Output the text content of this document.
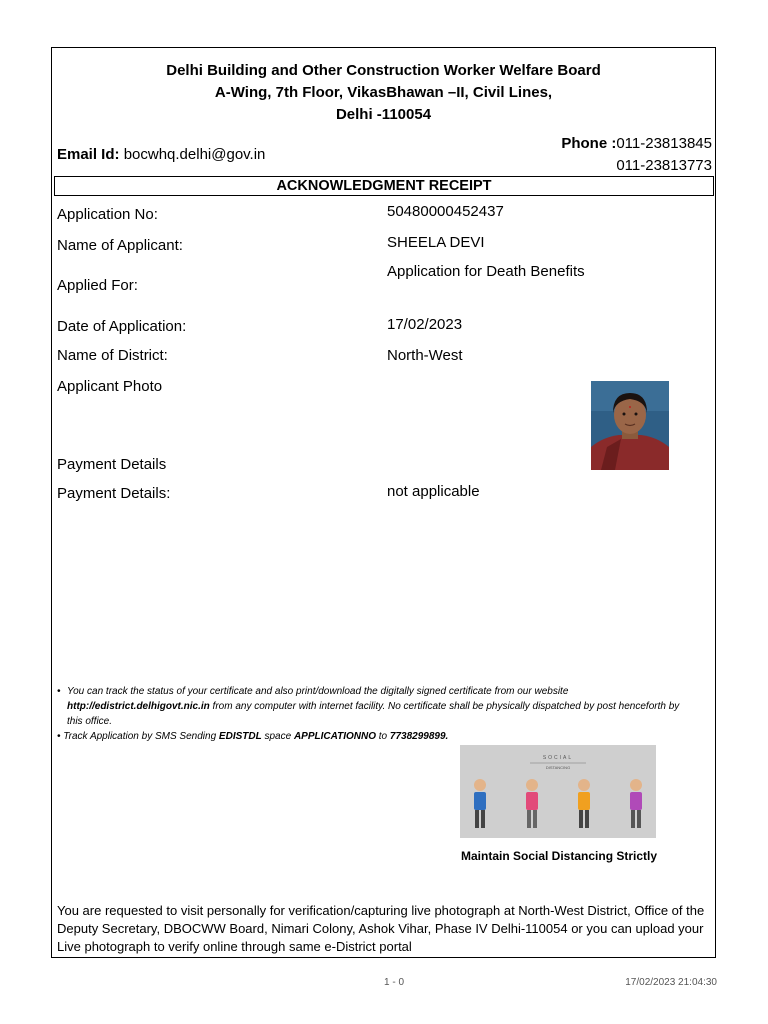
Delhi Building and Other Construction Worker Welfare Board
A-Wing, 7th Floor, VikasBhawan –II, Civil Lines,
Delhi -110054
Email Id: bocwhq.delhi@gov.in
Phone :011-23813845
011-23813773
ACKNOWLEDGMENT RECEIPT
Application No:	50480000452437
Name of Applicant:	SHEELA DEVI
Applied For:
Application for Death Benefits
Date of Application:	17/02/2023
Name of District:	North-West
Applicant Photo
Payment Details
Payment Details:	not applicable
• You can track the status of your certificate and also print/download the digitally signed certificate from our website
http://edistrict.delhigovt.nic.in from any computer with internet facility. No certificate shall be physically dispatched by post henceforth by
this office.
• Track Application by SMS Sending EDISTDL space APPLICATIONNO to 7738299899.
SOCIAL
DISTANCING
Maintain Social Distancing Strictly
You are requested to visit personally for verification/capturing live photograph at North-West District, Office of the Deputy Secretary, DBOCWW Board, Nimari Colony, Ashok Vihar, Phase IV Delhi-110054 or you can upload your Live photograph to verify online through same e-District portal
1 - 0	17/02/2023 21:04:30
